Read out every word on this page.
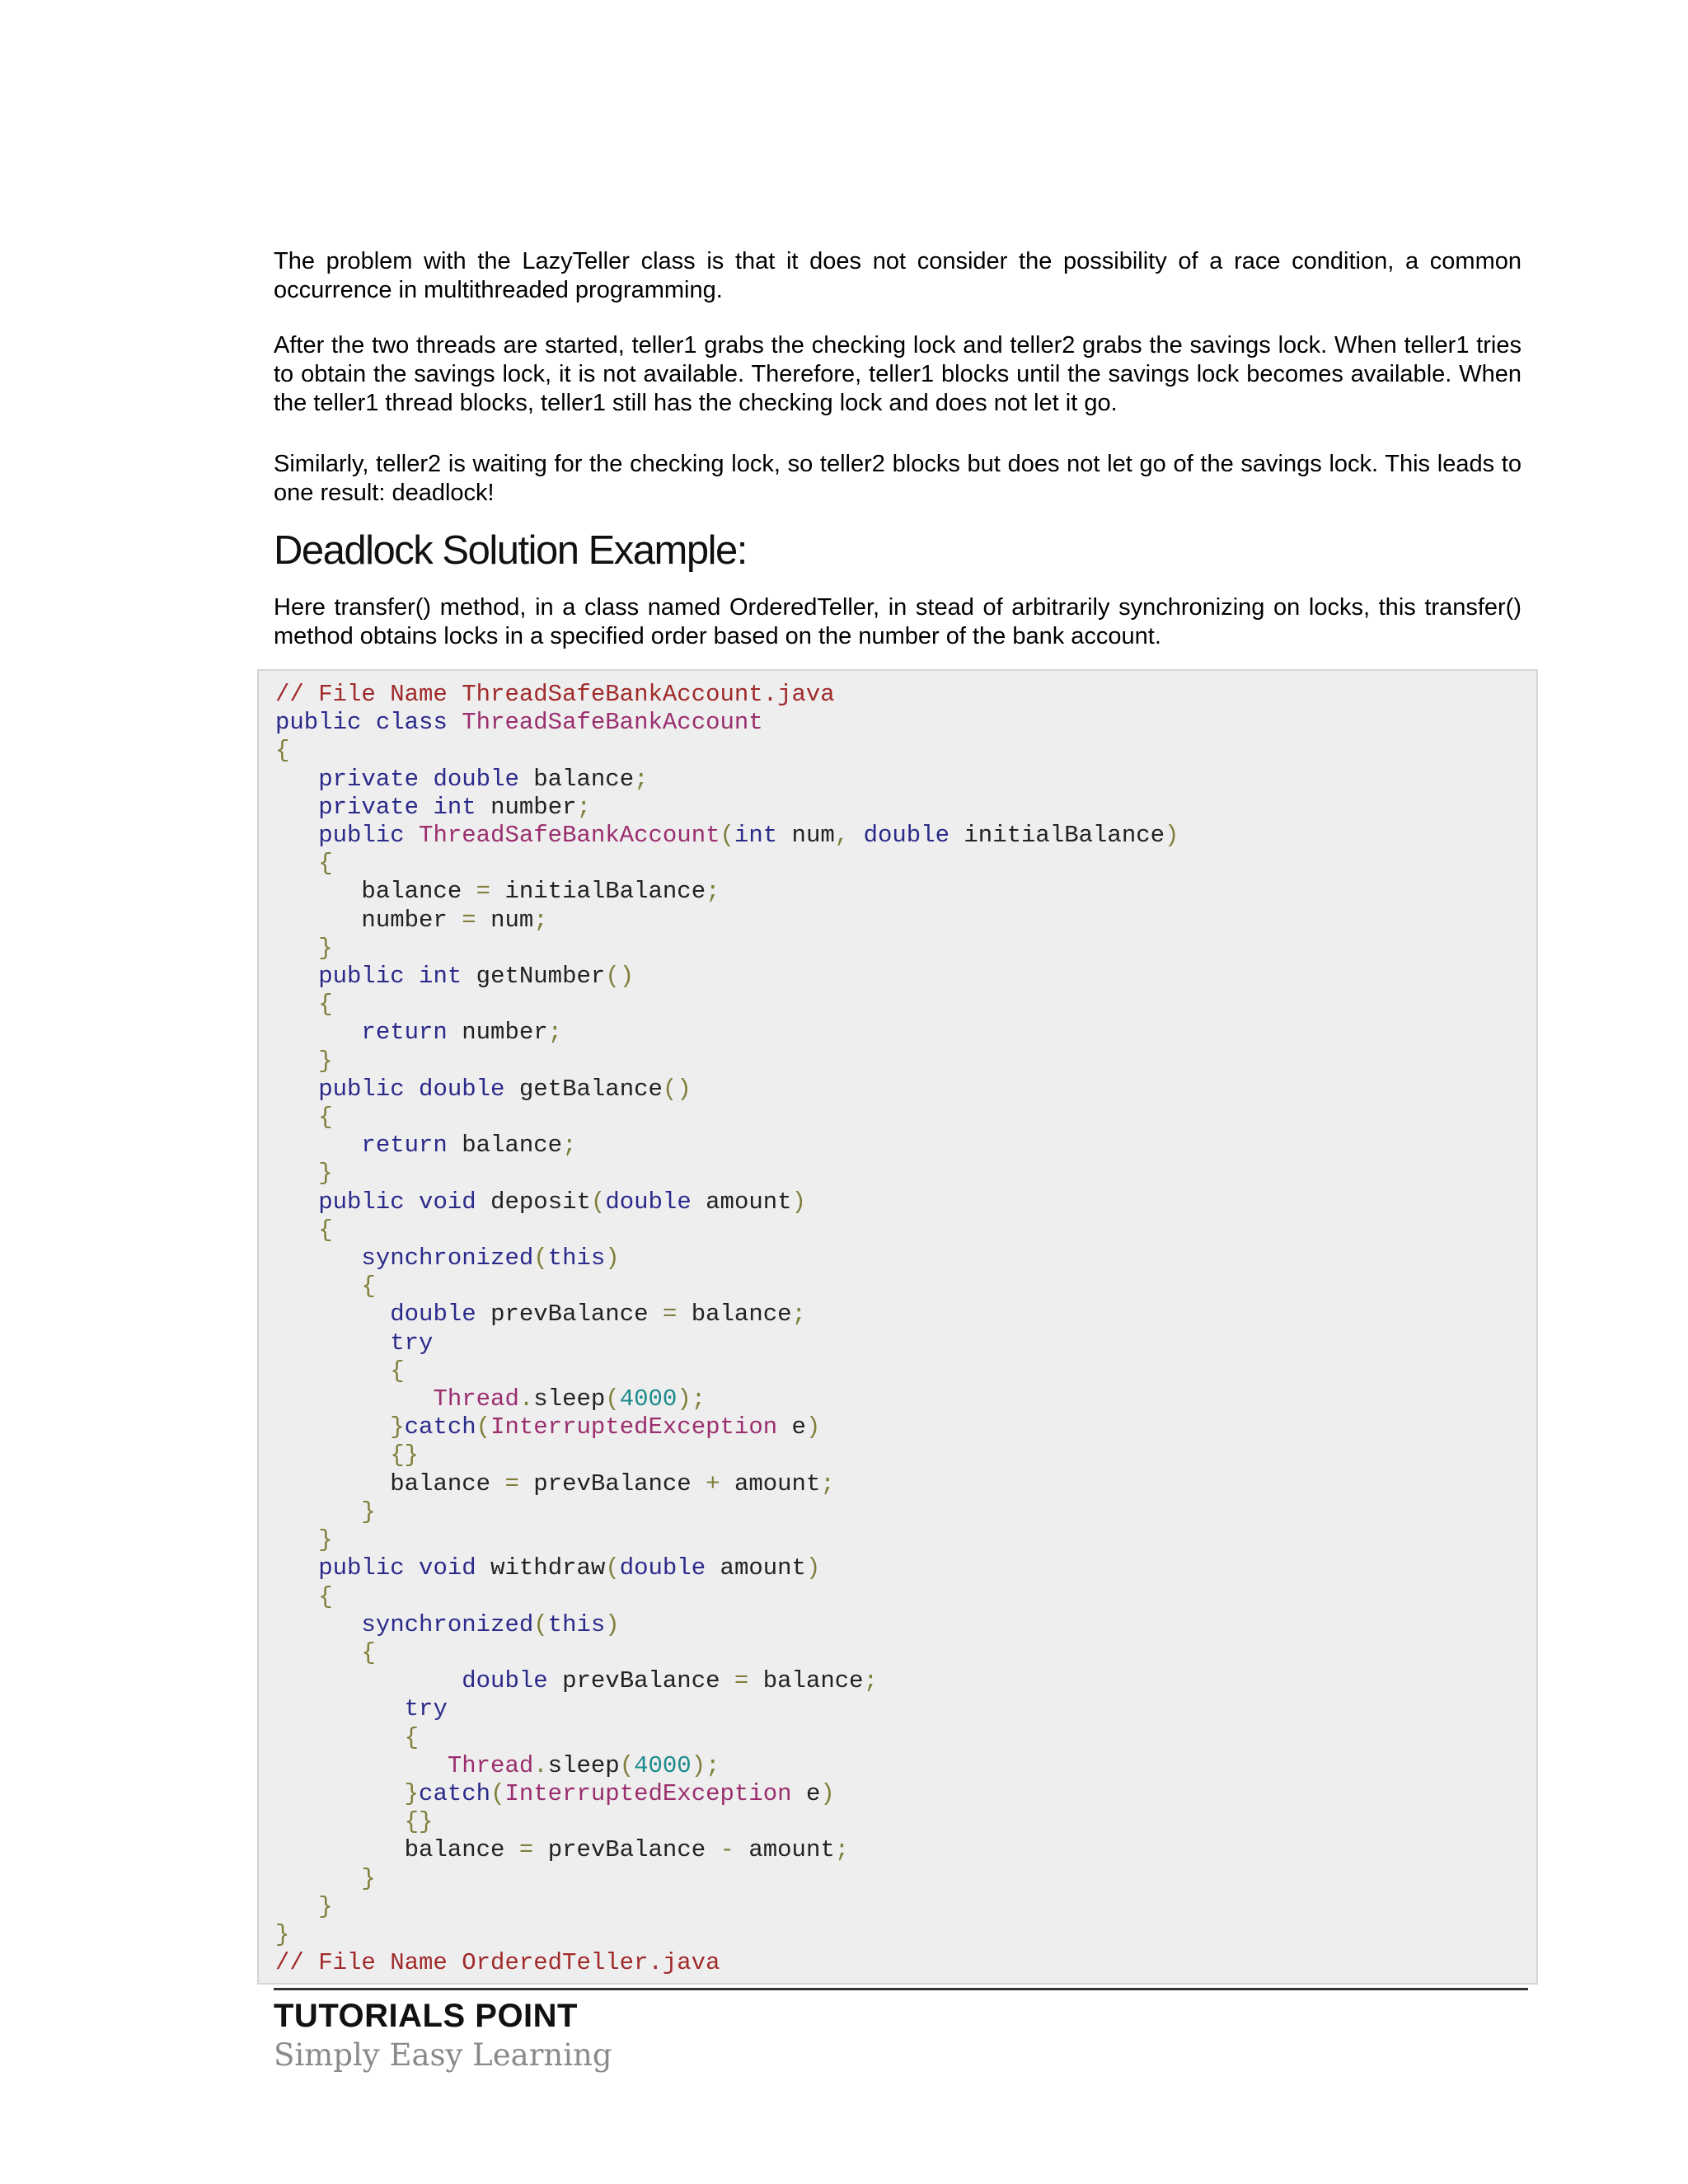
The problem with the LazyTeller class is that it does not consider the possibility of a race condition, a common occurrence in multithreaded programming.

After the two threads are started, teller1 grabs the checking lock and teller2 grabs the savings lock. When teller1 tries to obtain the savings lock, it is not available. Therefore, teller1 blocks until the savings lock becomes available. When the teller1 thread blocks, teller1 still has the checking lock and does not let it go.

Similarly, teller2 is waiting for the checking lock, so teller2 blocks but does not let go of the savings lock. This leads to one result: deadlock!

Deadlock Solution Example:

Here transfer() method, in a class named OrderedTeller, in stead of arbitrarily synchronizing on locks, this transfer() method obtains locks in a specified order based on the number of the bank account.

// File Name ThreadSafeBankAccount.java
public class ThreadSafeBankAccount
{
private double balance;
private int number;
public ThreadSafeBankAccount(int num, double initialBalance)
{
balance = initialBalance;
number = num;
}
public int getNumber()
{
return number;
}
public double getBalance()
{
return balance;
}
public void deposit(double amount)
{
synchronized(this)
{
double prevBalance = balance;
try
{
Thread.sleep(4000);
}catch(InterruptedException e)
{}
balance = prevBalance + amount;
}
}
public void withdraw(double amount)
{
synchronized(this)
{
double prevBalance = balance;
try
{
Thread.sleep(4000);
}catch(InterruptedException e)
{}
balance = prevBalance - amount;
}
}
}
// File Name OrderedTeller.java

TUTORIALS POINT

Simply Easy Learning
